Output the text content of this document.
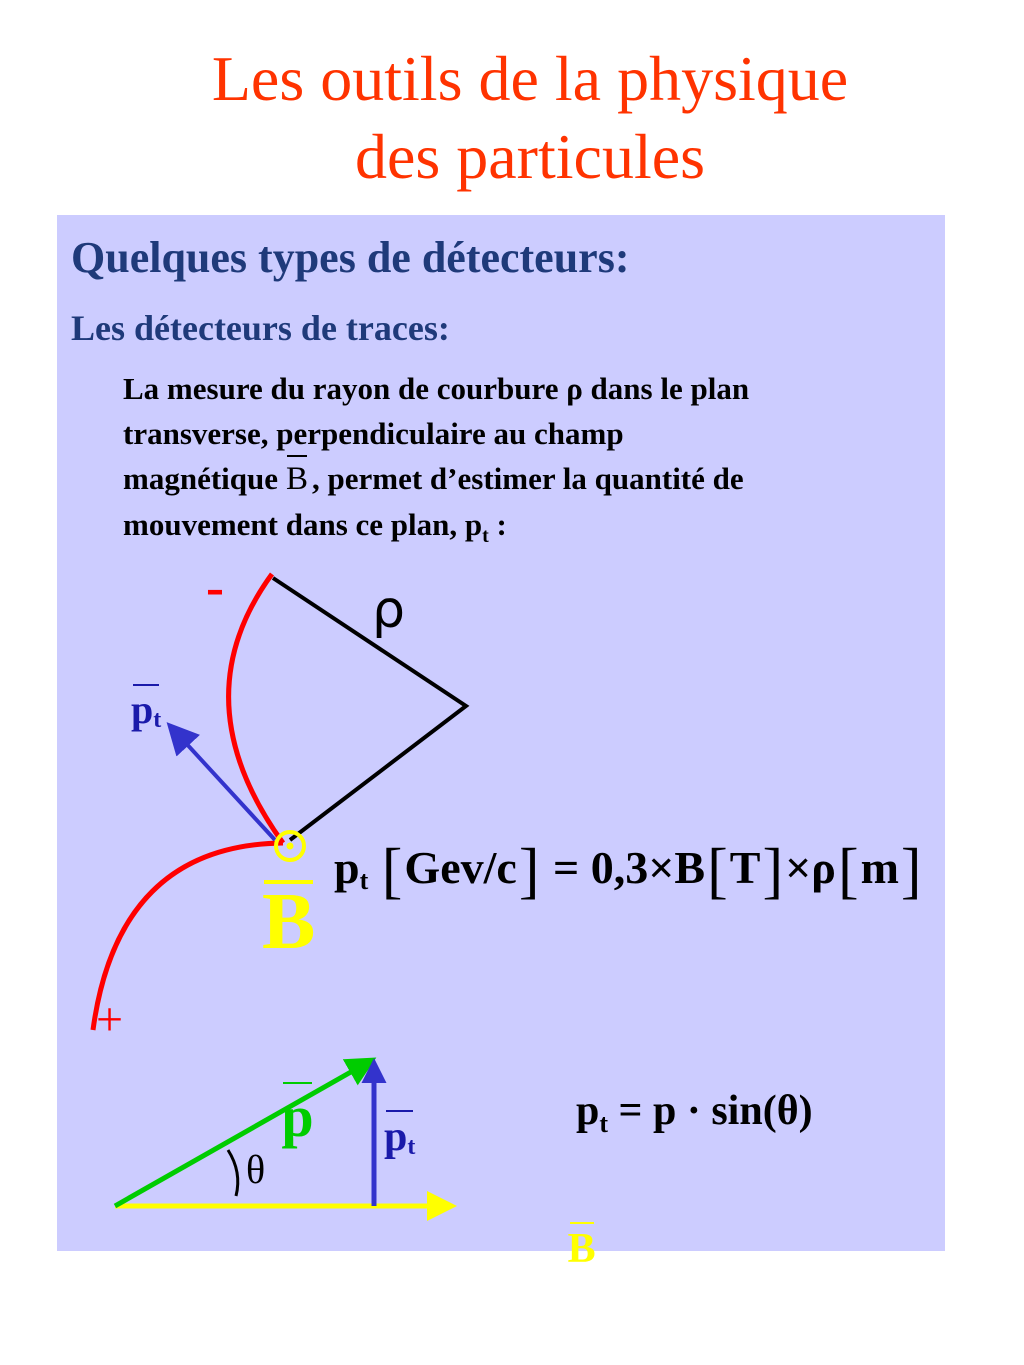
Les outils de la physique
des particules
Quelques types de détecteurs:
Les détecteurs de traces:
La mesure du rayon de courbure ρ dans le plan
transverse, perpendiculaire au champ
magnétique B , permet d’estimer la quantité de
mouvement dans ce plan, $p_t$ :
-
+
ρ
$p_t$
B
$p_t$ [Gev/c] = 0,3×B[T]×ρ[m]
p $p_t$
θ
B
$p_t = p \cdot \sin(\theta)$
